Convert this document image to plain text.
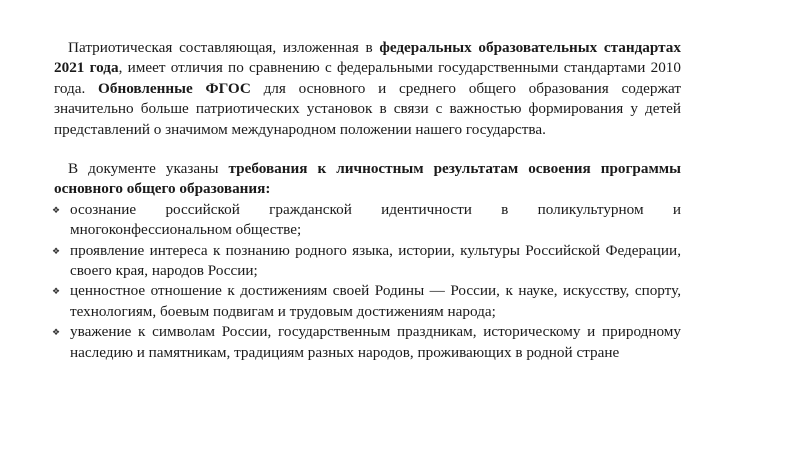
Патриотическая составляющая, изложенная в федеральных образовательных стандартах 2021 года, имеет отличия по сравнению с федеральными государственными стандартами 2010 года. Обновленные ФГОС для основного и среднего общего образования содержат значительно больше патриотических установок в связи с важностью формирования у детей представлений о значимом международном положении нашего государства.

В документе указаны требования к личностным результатам освоения программы основного общего образования:

❖ осознание российской гражданской идентичности в поликультурном и многоконфессиональном обществе;
❖ проявление интереса к познанию родного языка, истории, культуры Российской Федерации, своего края, народов России;
❖ ценностное отношение к достижениям своей Родины — России, к науке, искусству, спорту, технологиям, боевым подвигам и трудовым достижениям народа;
❖ уважение к символам России, государственным праздникам, историческому и природному наследию и памятникам, традициям разных народов, проживающих в родной стране
